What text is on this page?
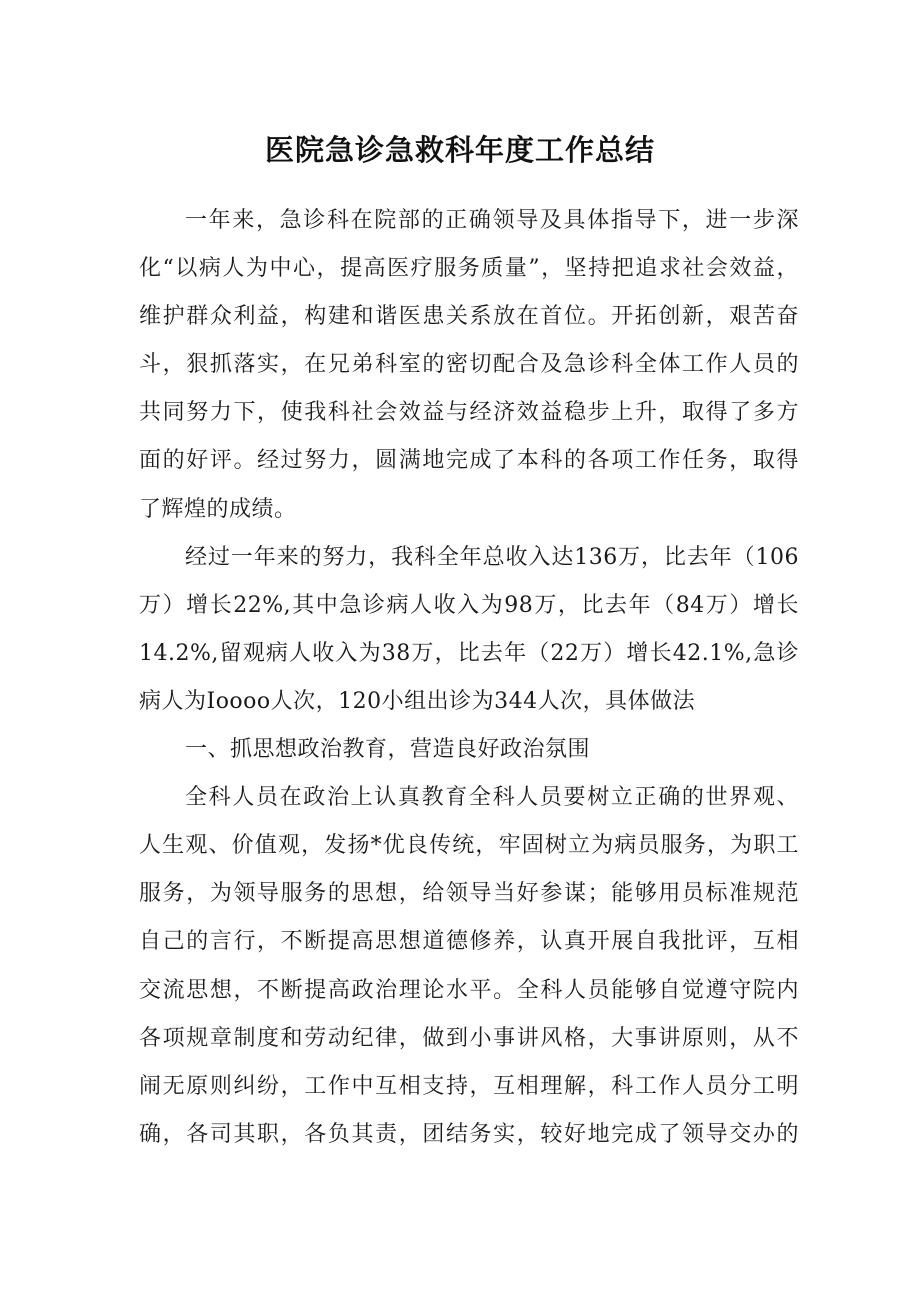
医院急诊急救科年度工作总结
一年来，急诊科在院部的正确领导及具体指导下，进一步深
化“以病人为中心，提高医疗服务质量”，坚持把追求社会效益，
维护群众利益，构建和谐医患关系放在首位。开拓创新，艰苦奋
斗，狠抓落实，在兄弟科室的密切配合及急诊科全体工作人员的
共同努力下，使我科社会效益与经济效益稳步上升，取得了多方
面的好评。经过努力，圆满地完成了本科的各项工作任务，取得
了辉煌的成绩。
经过一年来的努力，我科全年总收入达136万，比去年（106
万）增长22%,其中急诊病人收入为98万，比去年（84万）增长
14.2%,留观病人收入为38万，比去年（22万）增长42.1%,急诊
病人为Ioooo人次，120小组出诊为344人次，具体做法
一、抓思想政治教育，营造良好政治氛围
全科人员在政治上认真教育全科人员要树立正确的世界观、
人生观、价值观，发扬*优良传统，牢固树立为病员服务，为职工
服务，为领导服务的思想，给领导当好参谋；能够用员标准规范
自己的言行，不断提高思想道德修养，认真开展自我批评，互相
交流思想，不断提高政治理论水平。全科人员能够自觉遵守院内
各项规章制度和劳动纪律，做到小事讲风格，大事讲原则，从不
闹无原则纠纷，工作中互相支持，互相理解，科工作人员分工明
确，各司其职，各负其责，团结务实，较好地完成了领导交办的
